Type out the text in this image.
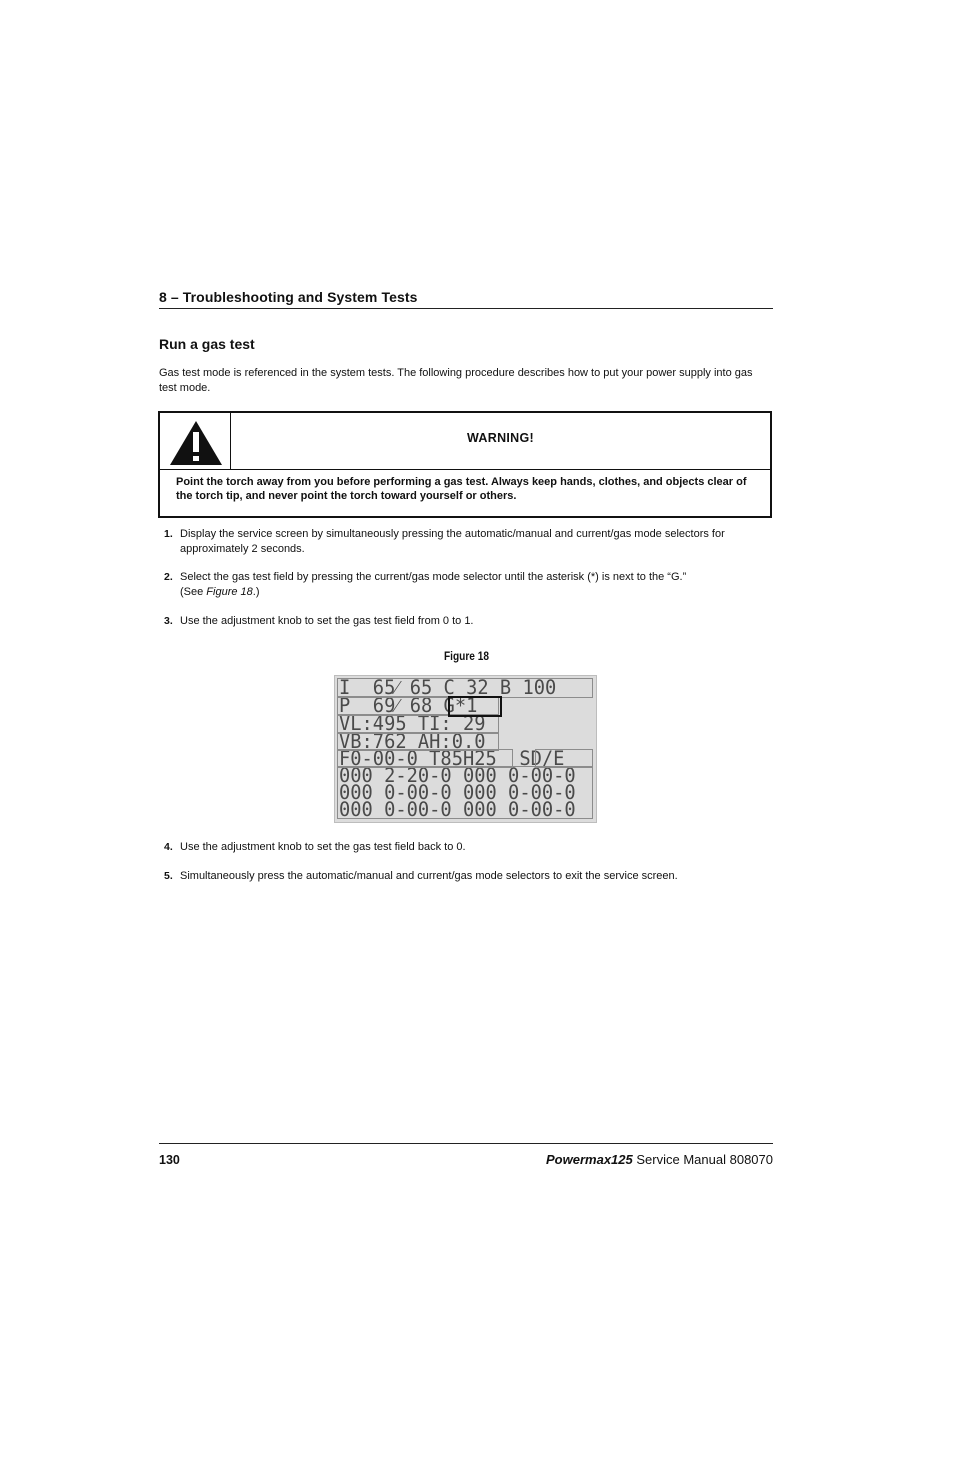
8 – Troubleshooting and System Tests
Run a gas test
Gas test mode is referenced in the system tests. The following procedure describes how to put your power supply into gas test mode.
WARNING!
Point the torch away from you before performing a gas test. Always keep hands, clothes, and objects clear of the torch tip, and never point the torch toward yourself or others.
1. Display the service screen by simultaneously pressing the automatic/manual and current/gas mode selectors for approximately 2 seconds.
2. Select the gas test field by pressing the current/gas mode selector until the asterisk (*) is next to the “G.”
(See Figure 18.)
3. Use the adjustment knob to set the gas test field from 0 to 1.
Figure 18
I  65⁄ 65 C 32 B 100
P  69⁄ 68 G*1
VL:495 TI: 29
VB:762 AH:0.0
F0-00-0 T85H25  SD/E
000 2-20-0 000 0-00-0
000 0-00-0 000 0-00-0
000 0-00-0 000 0-00-0
4. Use the adjustment knob to set the gas test field back to 0.
5. Simultaneously press the automatic/manual and current/gas mode selectors to exit the service screen.
130	Powermax125 Service Manual 808070
